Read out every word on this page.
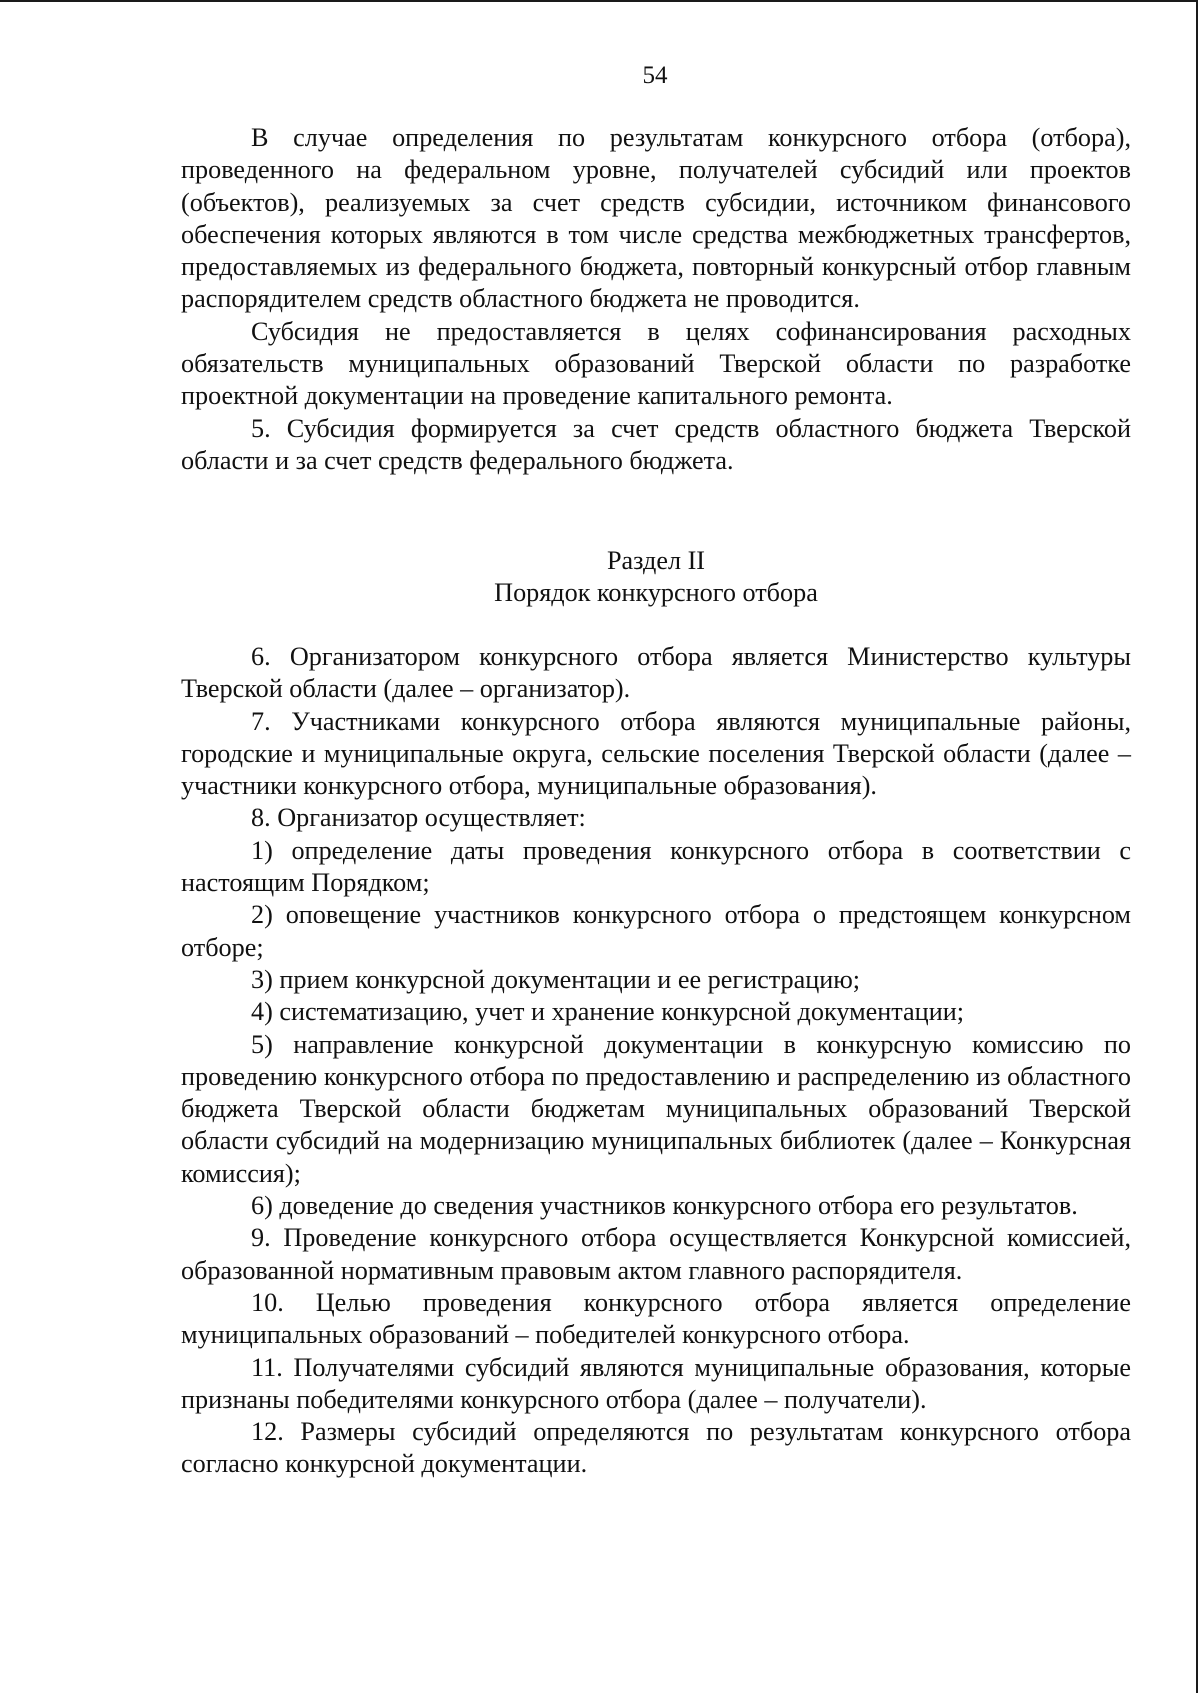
54

В случае определения по результатам конкурсного отбора (отбора), проведенного на федеральном уровне, получателей субсидий или проектов (объектов), реализуемых за счет средств субсидии, источником финансового обеспечения которых являются в том числе средства межбюджетных трансфертов, предоставляемых из федерального бюджета, повторный конкурсный отбор главным распорядителем средств областного бюджета не проводится.

Субсидия не предоставляется в целях софинансирования расходных обязательств муниципальных образований Тверской области по разработке проектной документации на проведение капитального ремонта.

5. Субсидия формируется за счет средств областного бюджета Тверской области и за счет средств федерального бюджета.

Раздел II
Порядок конкурсного отбора

6. Организатором конкурсного отбора является Министерство культуры Тверской области (далее – организатор).

7. Участниками конкурсного отбора являются муниципальные районы, городские и муниципальные округа, сельские поселения Тверской области (далее – участники конкурсного отбора, муниципальные образования).

8. Организатор осуществляет:

1) определение даты проведения конкурсного отбора в соответствии с настоящим Порядком;

2) оповещение участников конкурсного отбора о предстоящем конкурсном отборе;

3) прием конкурсной документации и ее регистрацию;

4) систематизацию, учет и хранение конкурсной документации;

5) направление конкурсной документации в конкурсную комиссию по проведению конкурсного отбора по предоставлению и распределению из областного бюджета Тверской области бюджетам муниципальных образований Тверской области субсидий на модернизацию муниципальных библиотек (далее – Конкурсная комиссия);

6) доведение до сведения участников конкурсного отбора его результатов.

9. Проведение конкурсного отбора осуществляется Конкурсной комиссией, образованной нормативным правовым актом главного распорядителя.

10. Целью проведения конкурсного отбора является определение муниципальных образований – победителей конкурсного отбора.

11. Получателями субсидий являются муниципальные образования, которые признаны победителями конкурсного отбора (далее – получатели).

12. Размеры субсидий определяются по результатам конкурсного отбора согласно конкурсной документации.
